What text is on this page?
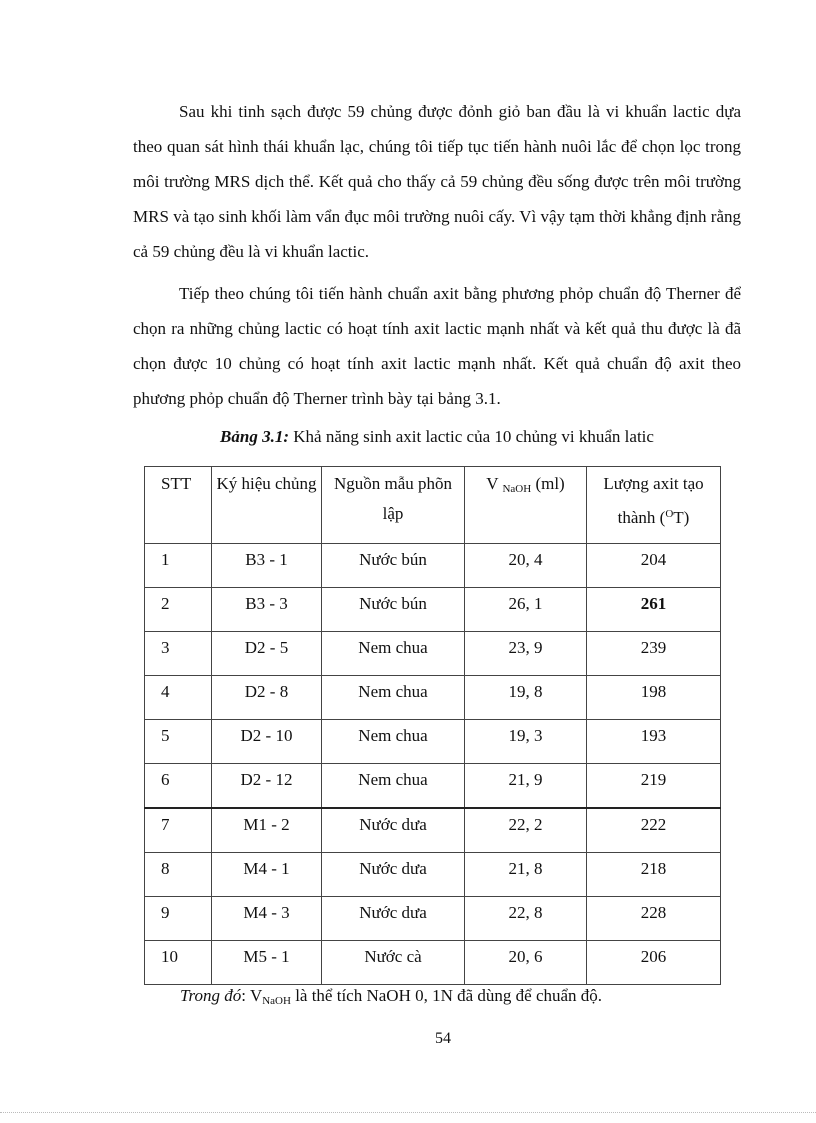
Sau khi tinh sạch được 59 chủng được đỏnh giỏ ban đầu là vi khuẩn lactic dựa theo quan sát hình thái khuẩn lạc, chúng tôi tiếp tục tiến hành nuôi lắc để chọn lọc trong môi trường MRS dịch thể. Kết quả cho thấy cả 59 chủng đều sống được trên môi trường MRS và tạo sinh khối làm vẩn đục môi trường nuôi cấy. Vì vậy tạm thời khẳng định rằng cả 59 chủng đều là vi khuẩn lactic.

Tiếp theo chúng tôi tiến hành chuẩn axit bằng phương phỏp chuẩn độ Therner để chọn ra những chủng lactic có hoạt tính axit lactic mạnh nhất và kết quả thu được là đã chọn được 10 chủng có hoạt tính axit lactic mạnh nhất. Kết quả chuẩn độ axit theo phương phỏp chuẩn độ Therner trình bày tại bảng 3.1.

Bảng 3.1: Khả năng sinh axit lactic của 10 chủng vi khuẩn latic
STT	Ký hiệu chủng	Nguồn mẫu phõn lập	V $_{NaOH}$ (ml)	Lượng axit tạo thành ($^O$T)
1	B3 - 1	Nước bún	20, 4	204
2	B3 - 3	Nước bún	26, 1	261
3	D2 - 5	Nem chua	23, 9	239
4	D2 - 8	Nem chua	19, 8	198
5	D2 - 10	Nem chua	19, 3	193
6	D2 - 12	Nem chua	21, 9	219
7	M1 - 2	Nước dưa	22, 2	222
8	M4 - 1	Nước dưa	21, 8	218
9	M4 - 3	Nước dưa	22, 8	228
10	M5 - 1	Nước cà	20, 6	206
Trong đó: $V_{NaOH}$ là thể tích NaOH 0, 1N đã dùng để chuẩn độ.
54
